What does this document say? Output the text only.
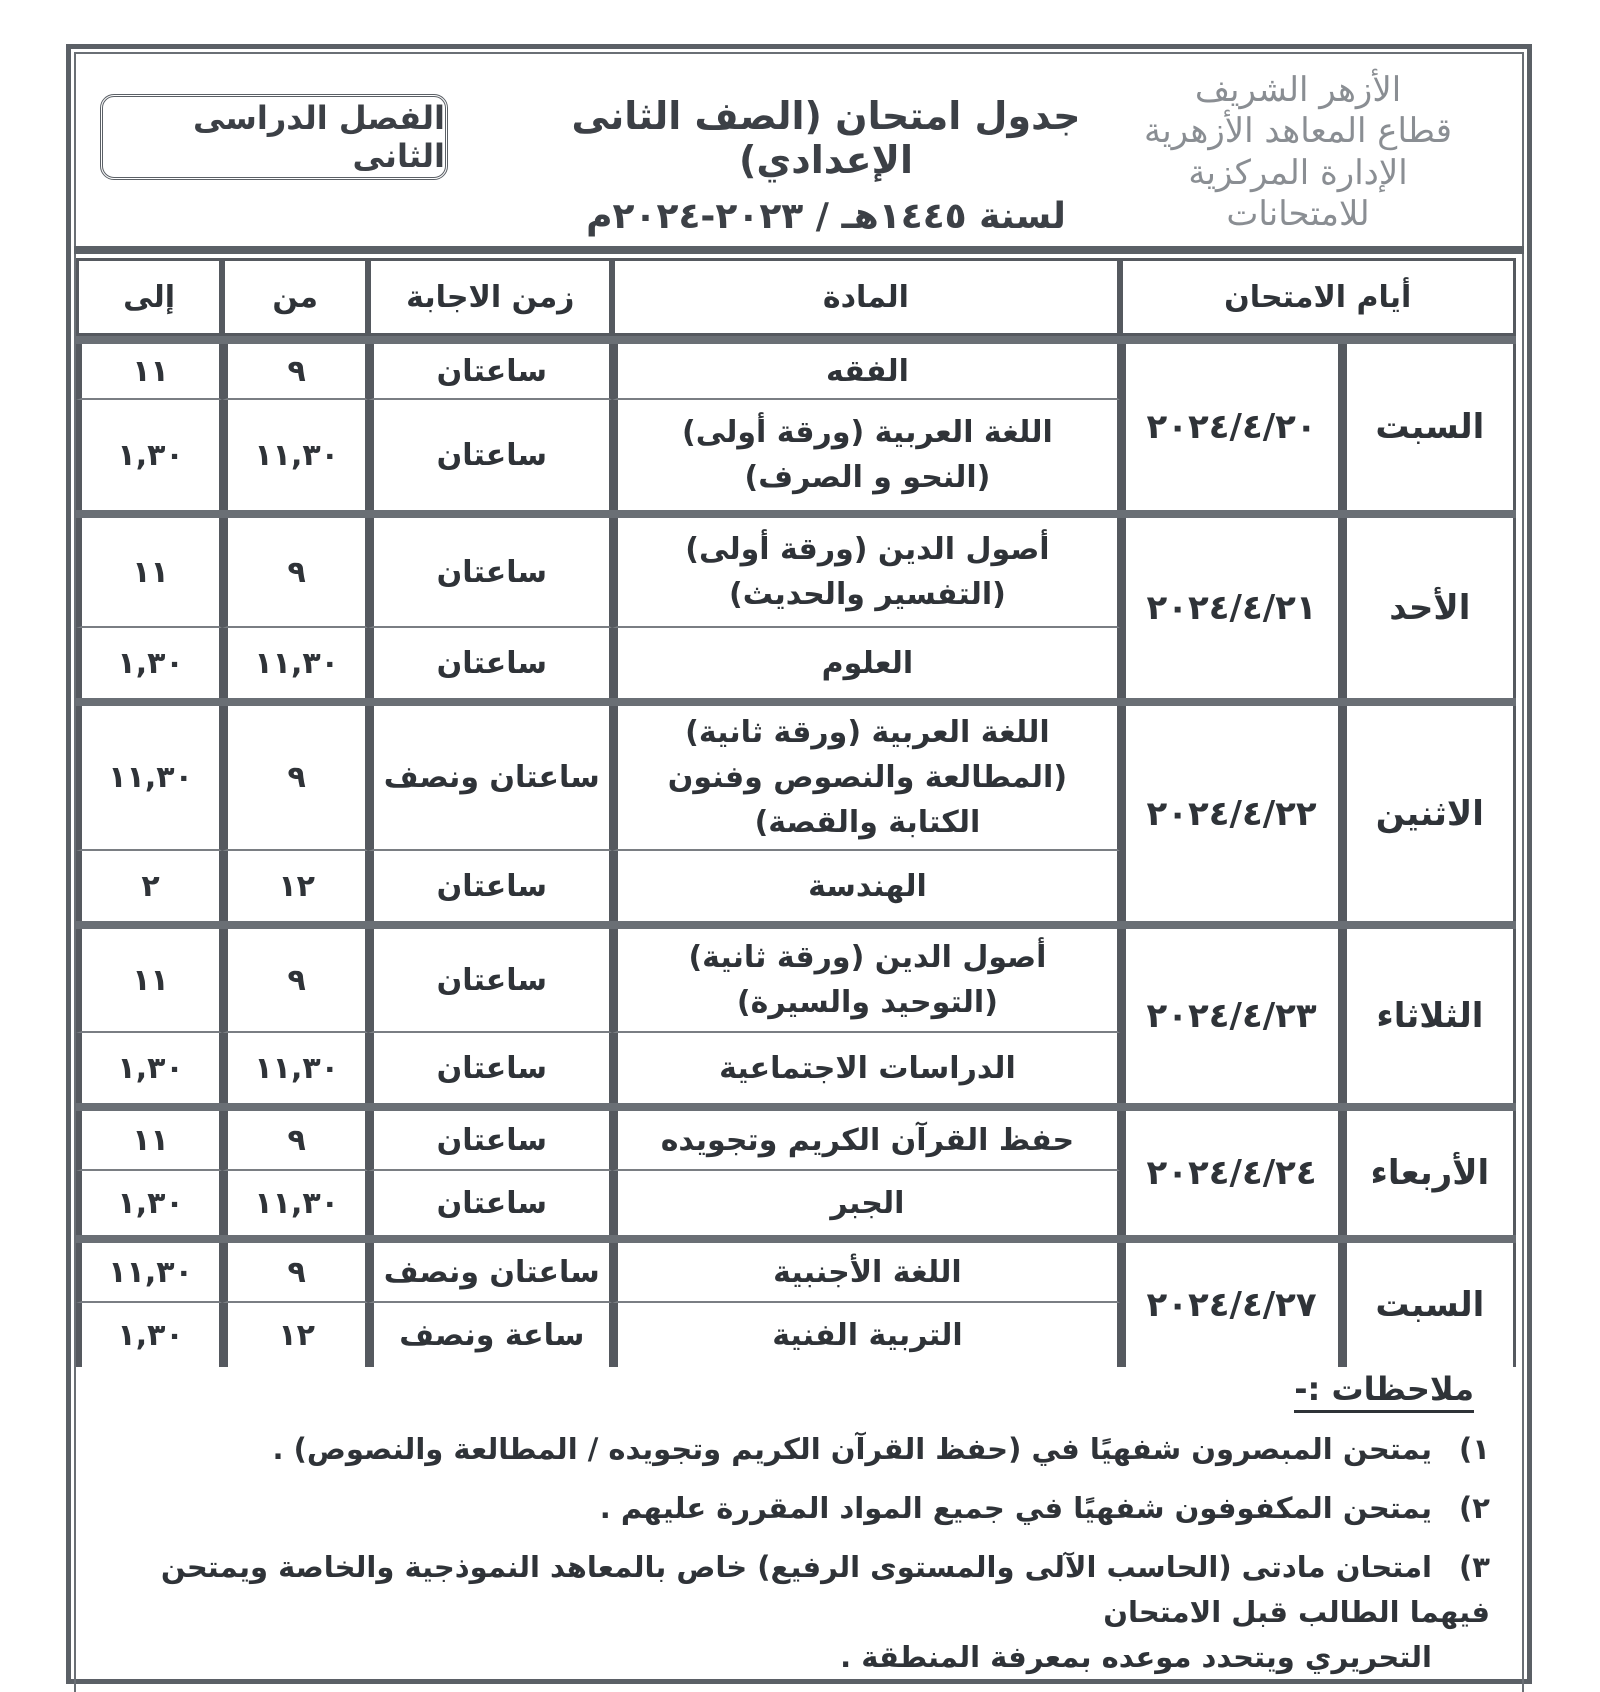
الأزهر الشريف
قطاع المعاهد الأزهرية
الإدارة المركزية للامتحانات
جدول امتحان (الصف الثانى الإعدادي)
لسنة ١٤٤٥هـ / ٢٠٢٣-٢٠٢٤م
الفصل الدراسى الثانى
أيام الامتحان		المادة	زمن الاجابة	من	إلى

السبت	٢٠٢٤/٤/٢٠	الفقه	ساعتان	٩	١١

		اللغة العربية (ورقة أولى)
(النحو و الصرف)	ساعتان	١١,٣٠	١,٣٠

الأحد	٢٠٢٤/٤/٢١	أصول الدين (ورقة أولى)
(التفسير والحديث)	ساعتان	٩	١١

		العلوم	ساعتان	١١,٣٠	١,٣٠

الاثنين	٢٠٢٤/٤/٢٢	اللغة العربية (ورقة ثانية)
(المطالعة والنصوص وفنون الكتابة والقصة)	ساعتان ونصف	٩	١١,٣٠

		الهندسة	ساعتان	١٢	٢

الثلاثاء	٢٠٢٤/٤/٢٣	أصول الدين (ورقة ثانية)
(التوحيد والسيرة)	ساعتان	٩	١١

		الدراسات الاجتماعية	ساعتان	١١,٣٠	١,٣٠

الأربعاء	٢٠٢٤/٤/٢٤	حفظ القرآن الكريم وتجويده	ساعتان	٩	١١

		الجبر	ساعتان	١١,٣٠	١,٣٠

السبت	٢٠٢٤/٤/٢٧	اللغة الأجنبية	ساعتان ونصف	٩	١١,٣٠

		التربية الفنية	ساعة ونصف	١٢	١,٣٠
ملاحظات :-
١)يمتحن المبصرون شفهيًا في (حفظ القرآن الكريم وتجويده / المطالعة والنصوص) .
٢)يمتحن المكفوفون شفهيًا في جميع المواد المقررة عليهم .
٣)امتحان مادتى (الحاسب الآلى والمستوى الرفيع) خاص بالمعاهد النموذجية والخاصة ويمتحن فيهما الطالب قبل الامتحان
التحريري ويتحدد موعده بمعرفة المنطقة .
